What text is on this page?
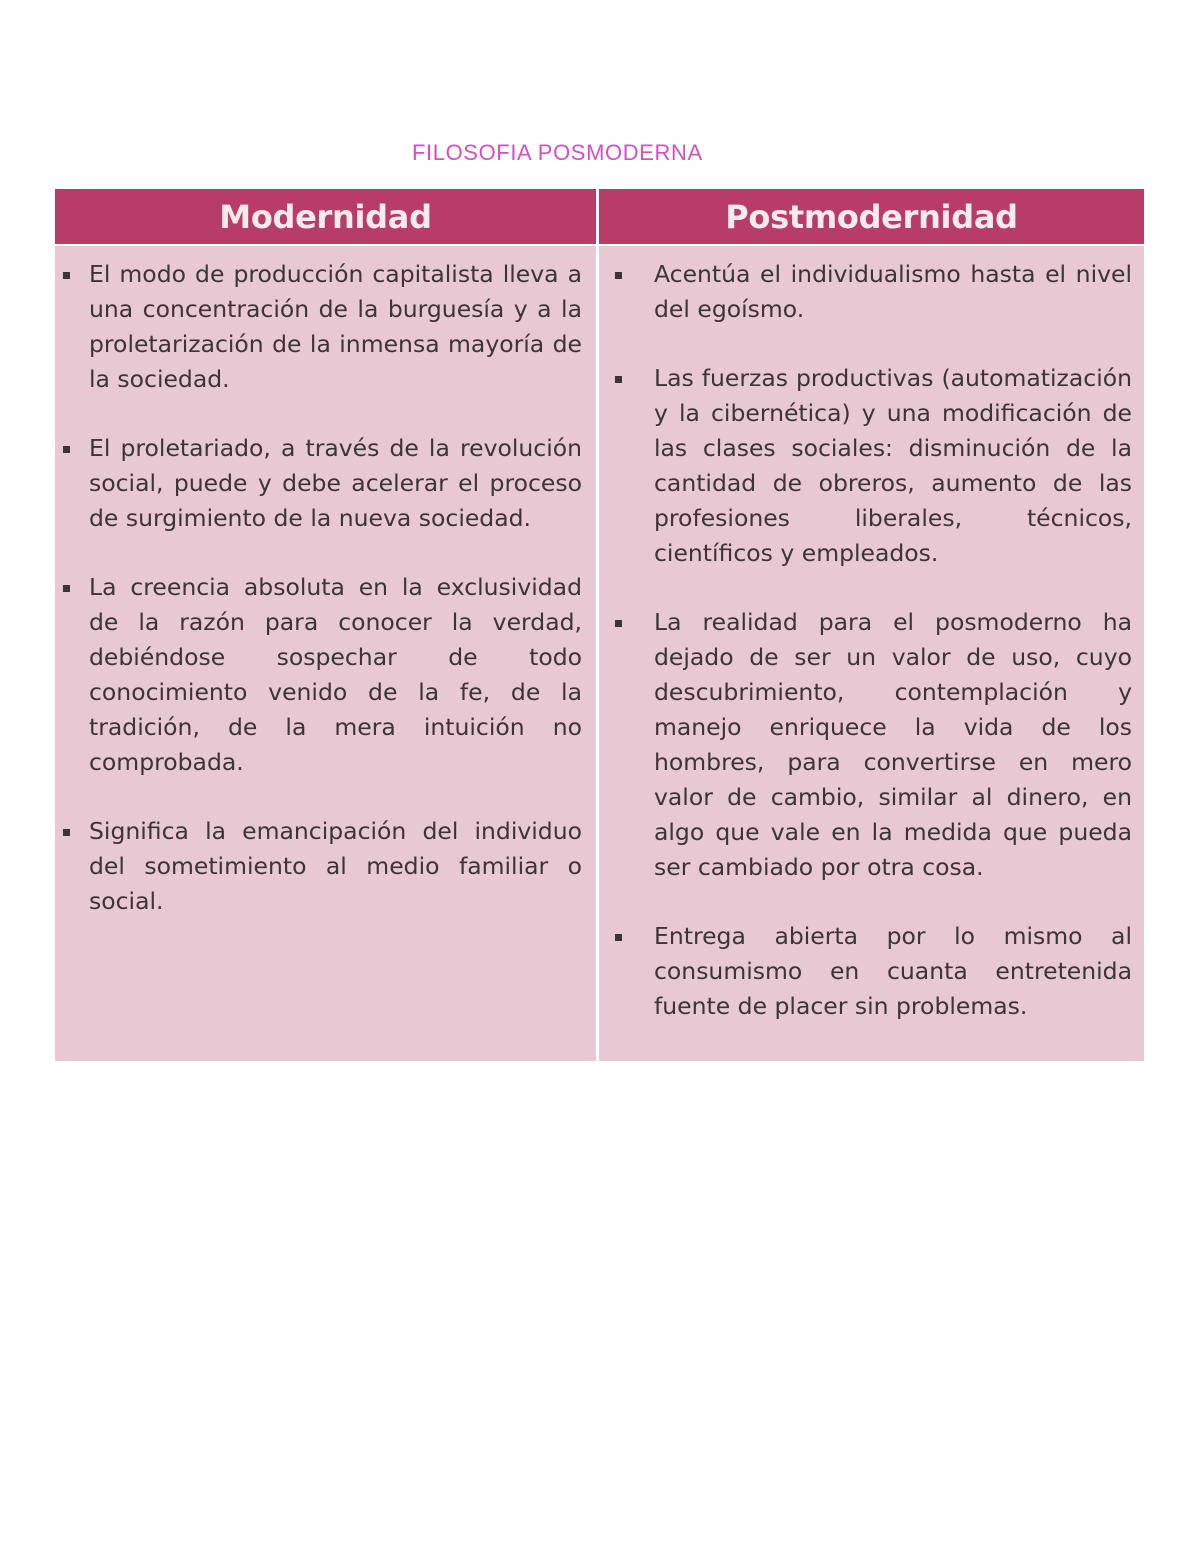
FILOSOFIA POSMODERNA
Modernidad
El modo de producción capitalista lleva a una concentración de la burguesía y a la proletarización de la inmensa mayoría de la sociedad.
El proletariado, a través de la revolución social, puede y debe acelerar el proceso de surgimiento de la nueva sociedad.
La creencia absoluta en la exclusividad de la razón para conocer la verdad, debiéndose sospechar de todo conocimiento venido de la fe, de la tradición, de la mera intuición no comprobada.
Significa la emancipación del individuo del sometimiento al medio familiar o social.
Postmodernidad
Acentúa el individualismo hasta el nivel del egoísmo.
Las fuerzas productivas (automatización y la cibernética) y una modificación de las clases sociales: disminución de la cantidad de obreros, aumento de las profesiones liberales, técnicos, científicos y empleados.
La realidad para el posmoderno ha dejado de ser un valor de uso, cuyo descubrimiento, contemplación y manejo enriquece la vida de los hombres, para convertirse en mero valor de cambio, similar al dinero, en algo que vale en la medida que pueda ser cambiado por otra cosa.
Entrega abierta por lo mismo al consumismo en cuanta entretenida fuente de placer sin problemas.
